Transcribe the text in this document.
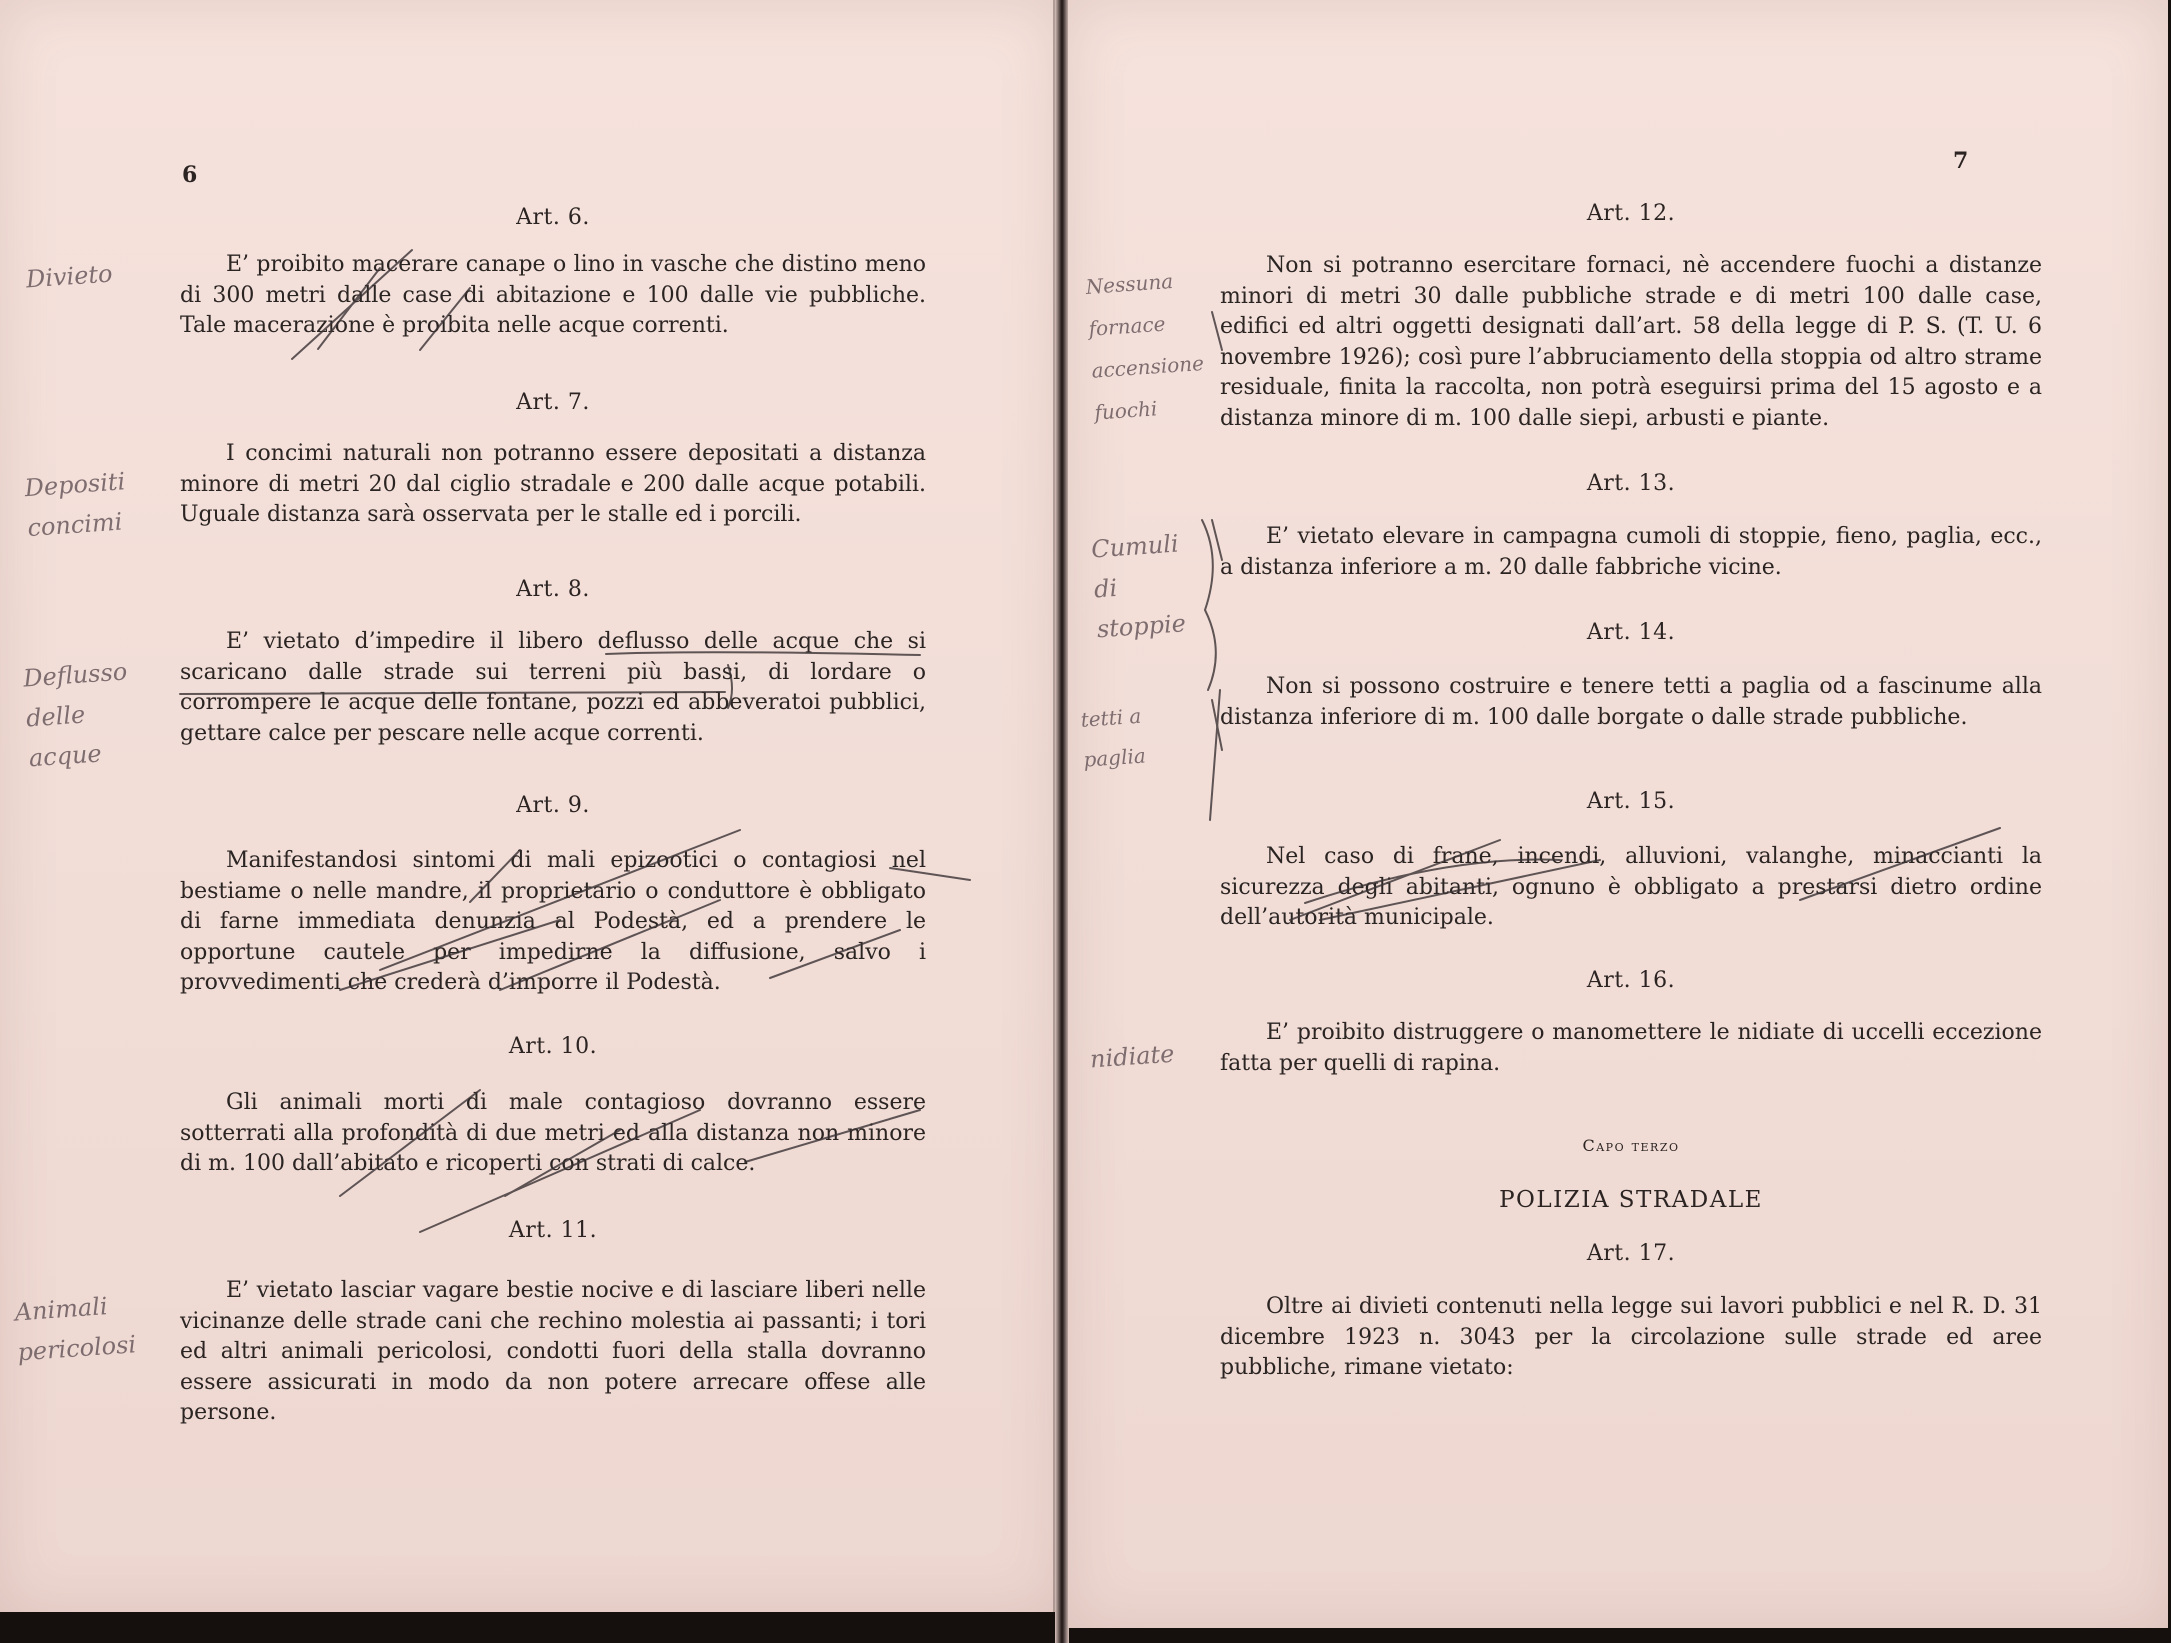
6
Art. 6.

E’ proibito macerare canape o lino in vasche che distino meno di 300 metri dalle case di abitazione e 100 dalle vie pubbliche. Tale macerazione è proibita nelle acque correnti.

Divieto
Art. 7.

I concimi naturali non potranno essere depositati a distanza minore di metri 20 dal ciglio stradale e 200 dalle acque potabili. Uguale distanza sarà osservata per le stalle ed i porcili.

Depositi concimi
Art. 8.

E’ vietato d’impedire il libero deflusso delle acque che si scaricano dalle strade sui terreni più bassi, di lordare o corrompere le acque delle fontane, pozzi ed abbeveratoi pubblici, gettare calce per pescare nelle acque correnti.

Deflusso delle acque
Art. 9.

Manifestandosi sintomi di mali epizootici o contagiosi nel bestiame o nelle mandre, il proprietario o conduttore è obbligato di farne immediata denunzia al Podestà, ed a prendere le opportune cautele per impedirne la diffusione, salvo i provvedimenti che crederà d’imporre il Podestà.

Art. 10.

Gli animali morti di male contagioso dovranno essere sotterrati alla profondità di due metri ed alla distanza non minore di m. 100 dall’abitato e ricoperti con strati di calce.

Art. 11.

E’ vietato lasciar vagare bestie nocive e di lasciare liberi nelle vicinanze delle strade cani che rechino molestia ai passanti; i tori ed altri animali pericolosi, condotti fuori della stalla dovranno essere assicurati in modo da non potere arrecare offese alle persone.

Animali pericolosi
7
Art. 12.

Non si potranno esercitare fornaci, nè accendere fuochi a distanze minori di metri 30 dalle pubbliche strade e di metri 100 dalle case, edifici ed altri oggetti designati dall’art. 58 della legge di P. S. (T. U. 6 novembre 1926); così pure l’abbruciamento della stoppia od altro strame residuale, finita la raccolta, non potrà eseguirsi prima del 15 agosto e a distanza minore di m. 100 dalle siepi, arbusti e piante.

Nessuna fornace accensione fuochi
Art. 13.

E’ vietato elevare in campagna cumoli di stoppie, fieno, paglia, ecc., a distanza inferiore a m. 20 dalle fabbriche vicine.

Cumuli di stoppie	Art. 14.

Non si possono costruire e tenere tetti a paglia od a fascinume alla distanza inferiore di m. 100 dalle borgate o dalle strade pubbliche.

tetti a paglia
Art. 15.

Nel caso di frane, incendi, alluvioni, valanghe, minaccianti la sicurezza degli abitanti, ognuno è obbligato a prestarsi dietro ordine dell’autorità municipale.

Art. 16.

E’ proibito distruggere o manomettere le nidiate di uccelli eccezione fatta per quelli di rapina.

nidiate
Capo terzo
POLIZIA STRADALE
Art. 17.

Oltre ai divieti contenuti nella legge sui lavori pubblici e nel R. D. 31 dicembre 1923 n. 3043 per la circolazione sulle strade ed aree pubbliche, rimane vietato:
